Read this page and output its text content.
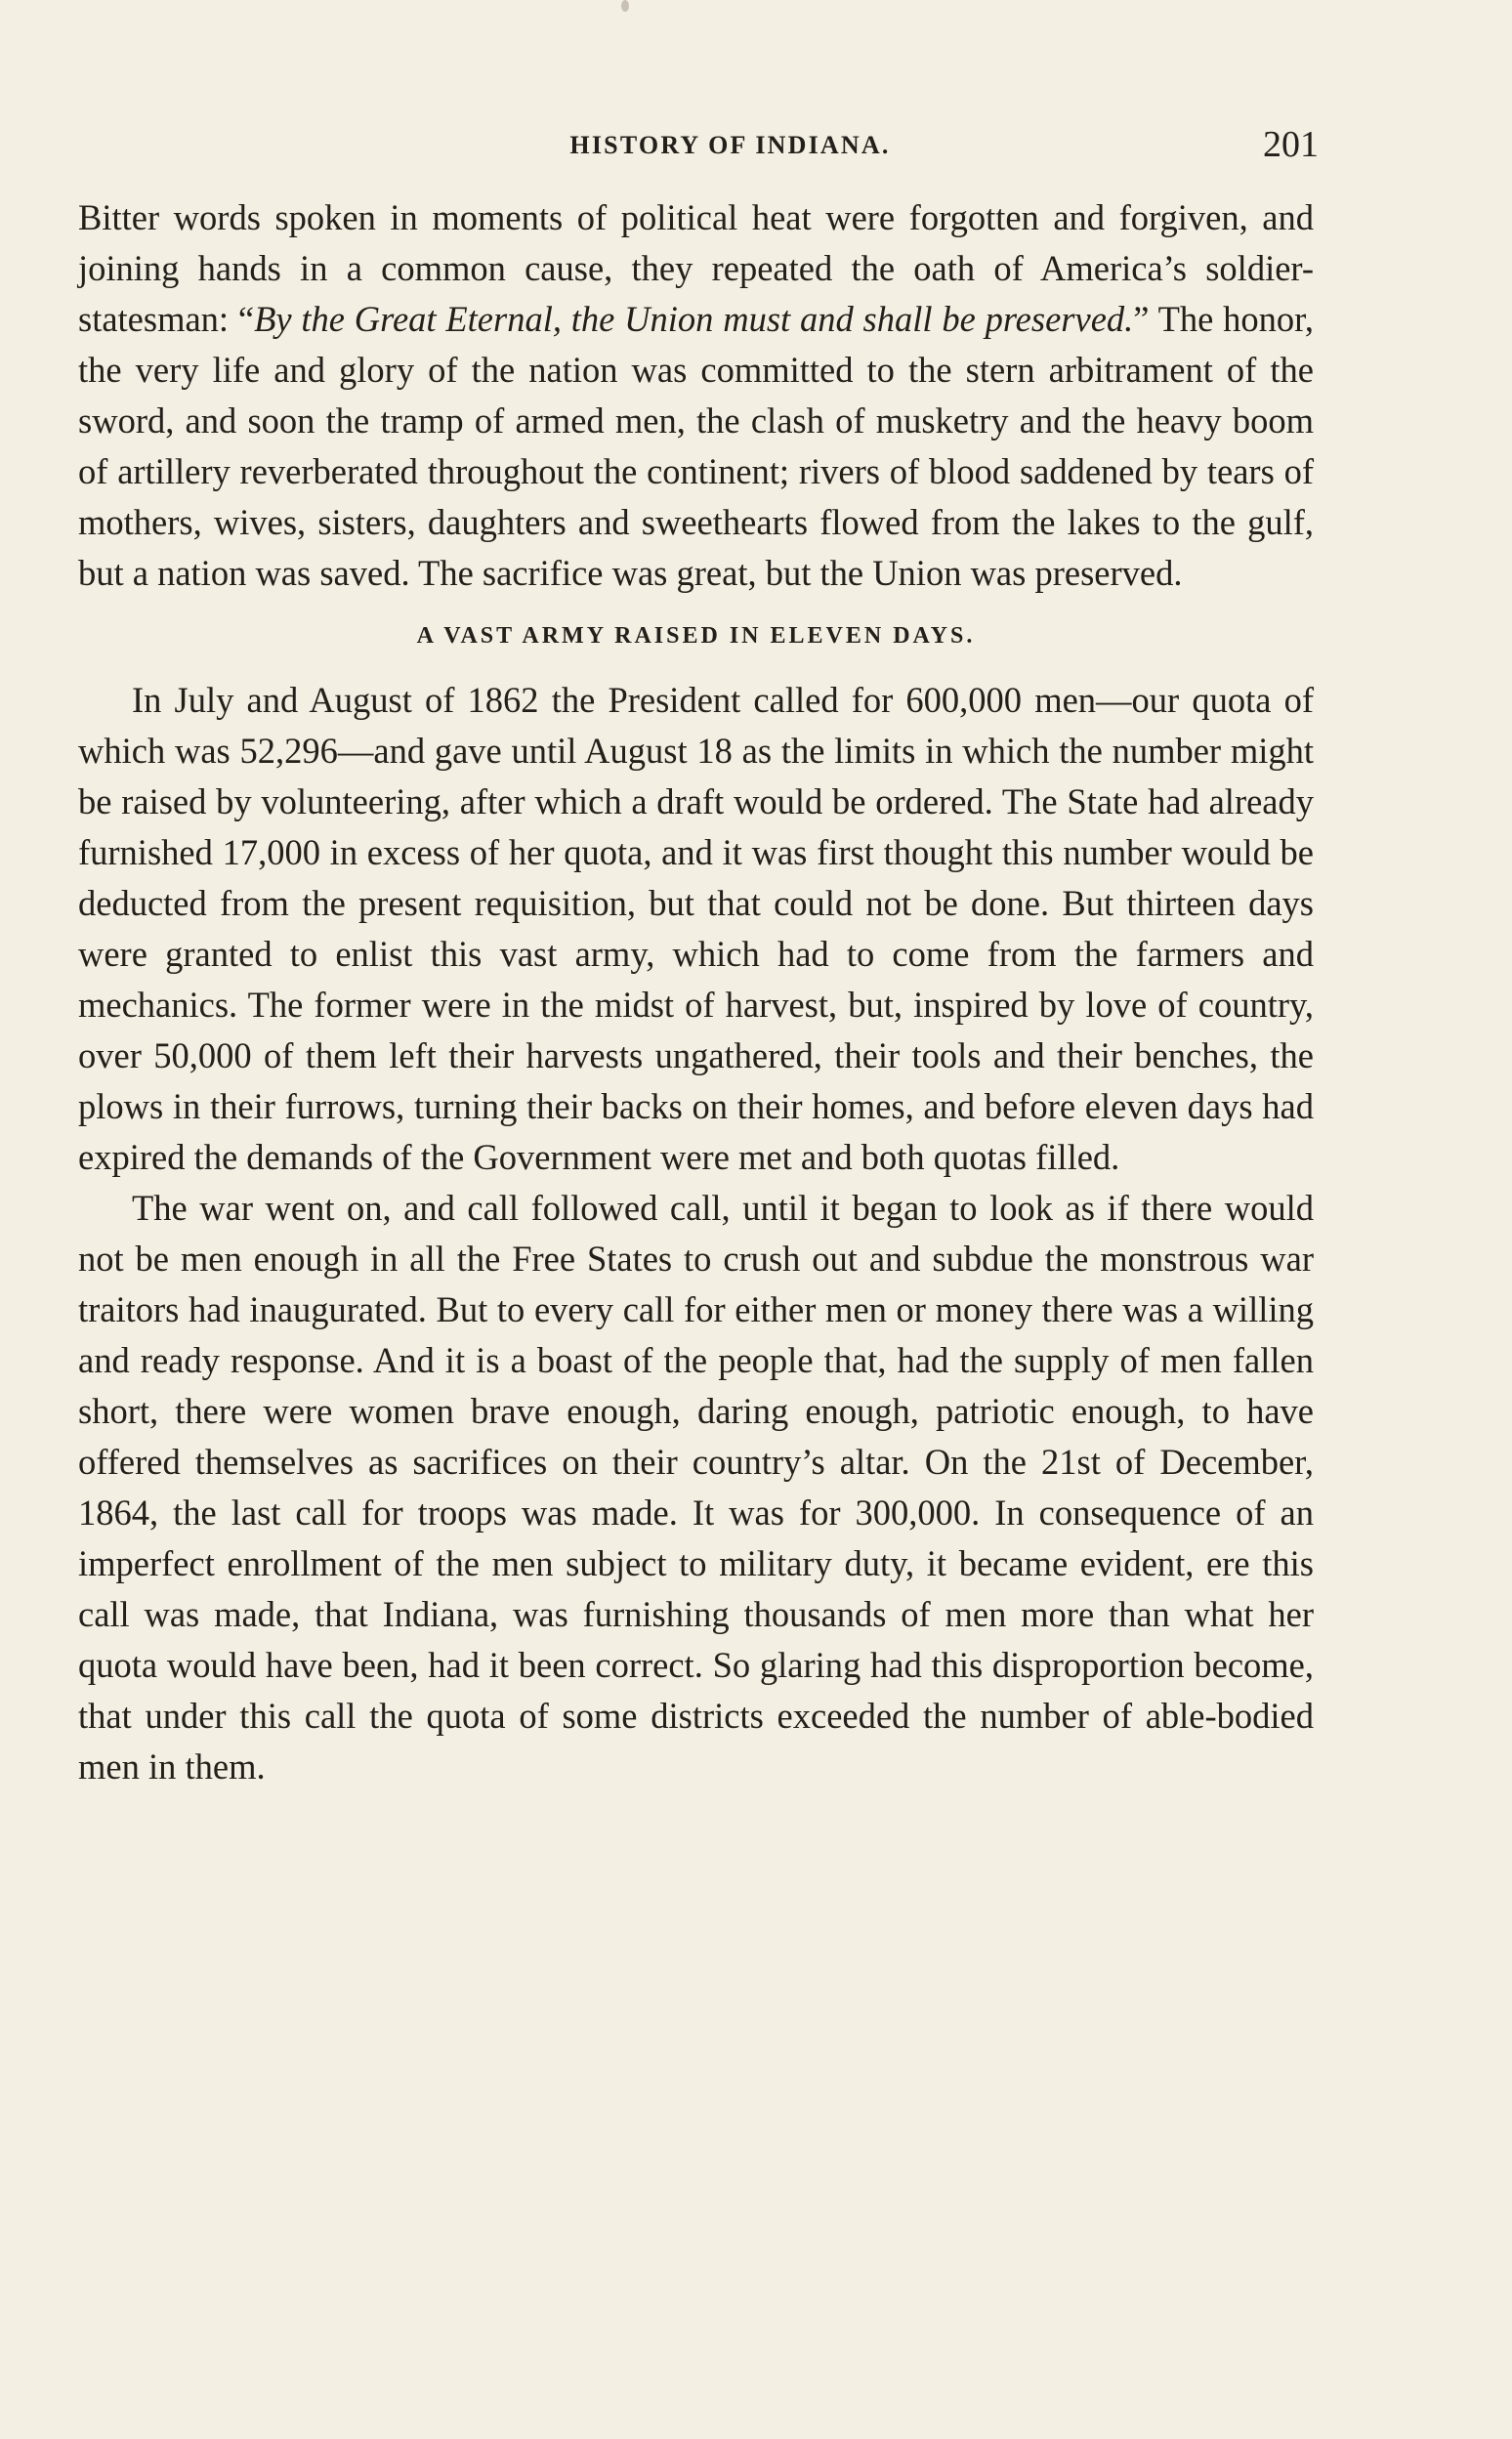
HISTORY OF INDIANA.	201

Bitter words spoken in moments of political heat were forgotten and forgiven, and joining hands in a common cause, they repeated the oath of America’s soldier-statesman: “By the Great Eternal, the Union must and shall be preserved.” The honor, the very life and glory of the nation was committed to the stern arbitrament of the sword, and soon the tramp of armed men, the clash of musketry and the heavy boom of artillery reverberated throughout the continent; rivers of blood saddened by tears of mothers, wives, sisters, daughters and sweethearts flowed from the lakes to the gulf, but a nation was saved. The sacrifice was great, but the Union was preserved.

A VAST ARMY RAISED IN ELEVEN DAYS.

In July and August of 1862 the President called for 600,000 men—our quota of which was 52,296—and gave until August 18 as the limits in which the number might be raised by volunteering, after which a draft would be ordered. The State had already furnished 17,000 in excess of her quota, and it was first thought this number would be deducted from the present requisition, but that could not be done. But thirteen days were granted to enlist this vast army, which had to come from the farmers and mechanics. The former were in the midst of harvest, but, inspired by love of country, over 50,000 of them left their harvests ungathered, their tools and their benches, the plows in their furrows, turning their backs on their homes, and before eleven days had expired the demands of the Government were met and both quotas filled.

The war went on, and call followed call, until it began to look as if there would not be men enough in all the Free States to crush out and subdue the monstrous war traitors had inaugurated. But to every call for either men or money there was a willing and ready response. And it is a boast of the people that, had the supply of men fallen short, there were women brave enough, daring enough, patriotic enough, to have offered themselves as sacrifices on their country’s altar. On the 21st of December, 1864, the last call for troops was made. It was for 300,000. In consequence of an imperfect enrollment of the men subject to military duty, it became evident, ere this call was made, that Indiana, was furnishing thousands of men more than what her quota would have been, had it been correct. So glaring had this disproportion become, that under this call the quota of some districts exceeded the number of able-bodied men in them.
